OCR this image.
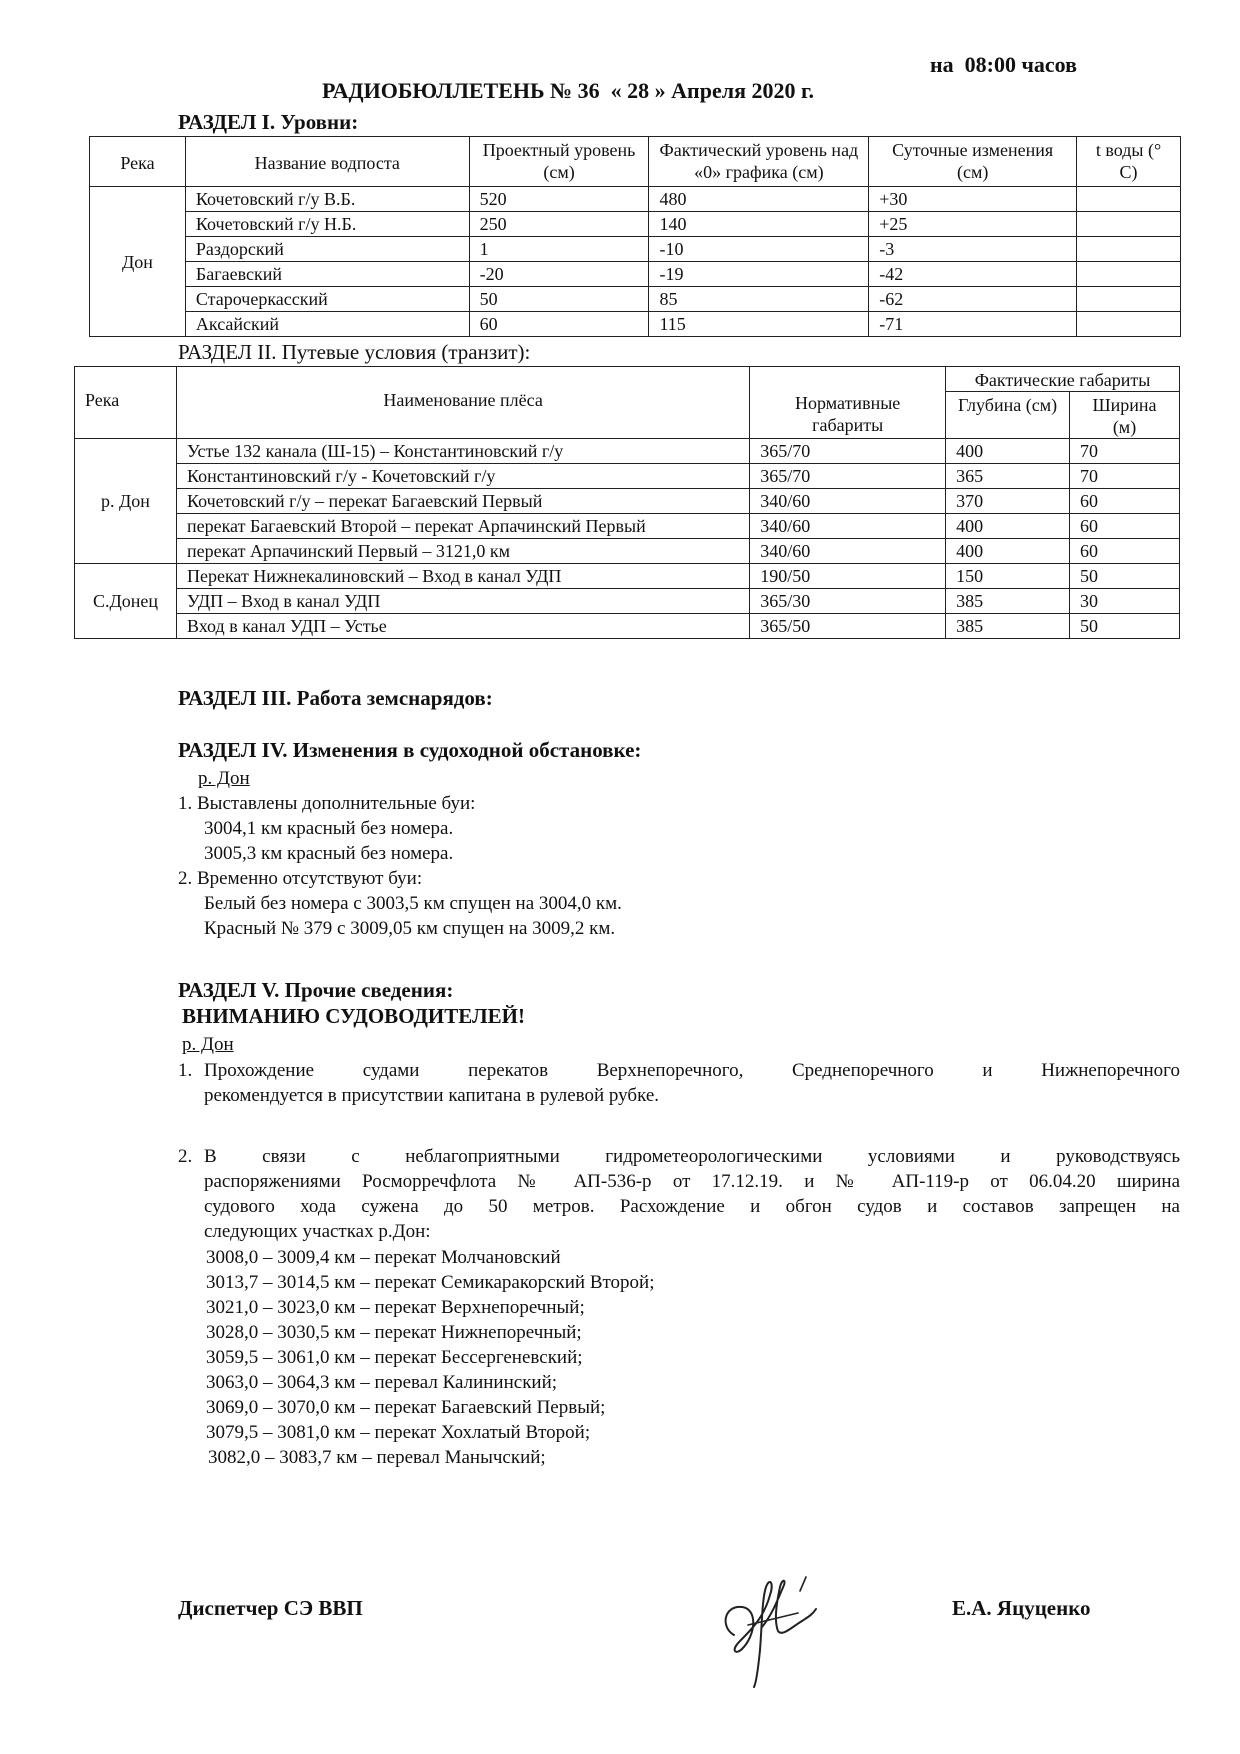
РАДИОБЮЛЛЕТЕНЬ № 36  « 28 » Апреля 2020 г.

на  08:00 часов

РАЗДЕЛ I. Уровни:
Река	Название водпоста	Проектный уровень (см)	Фактический уровень над «0» графика (см)	Суточные изменения (см)	t воды (° С)
Дон	Кочетовский г/у В.Б.	520	480	+30	
	Кочетовский г/у Н.Б.	250	140	+25	
	Раздорский	1	-10	-3	
	Багаевский	-20	-19	-42	
	Старочеркасский	50	85	-62	
	Аксайский	60	115	-71	
РАЗДЕЛ II. Путевые условия (транзит):
Река	Наименование плёса	Нормативные габариты	Фактические габариты	
			Глубина (см)	Ширина (м)
р. Дон	Устье 132 канала (Ш-15) – Константиновский г/у	365/70	400	70
	Константиновский г/у - Кочетовский г/у	365/70	365	70
	Кочетовский г/у – перекат Багаевский Первый	340/60	370	60
	перекат Багаевский Второй – перекат Арпачинский Первый	340/60	400	60
	перекат Арпачинский Первый – 3121,0 км	340/60	400	60
С.Донец	Перекат Нижнекалиновский – Вход в канал УДП	190/50	150	50
	УДП – Вход в канал УДП	365/30	385	30
	Вход в канал УДП – Устье	365/50	385	50
РАЗДЕЛ III. Работа земснарядов:
РАЗДЕЛ IV. Изменения в судоходной обстановке:
р. Дон
1. Выставлены дополнительные буи:
3004,1 км красный без номера.
3005,3 км красный без номера.
2. Временно отсутствуют буи:
Белый без номера с 3003,5 км спущен на 3004,0 км.
Красный № 379 с 3009,05 км спущен на 3009,2 км.
РАЗДЕЛ V. Прочие сведения:
ВНИМАНИЮ СУДОВОДИТЕЛЕЙ!
р. Дон
1. Прохождение судами перекатов Верхнепоречного, Среднепоречного и Нижнепоречного
рекомендуется в присутствии капитана в рулевой рубке.
2. В связи с неблагоприятными гидрометеорологическими условиями и руководствуясь
распоряжениями Росморречфлота № АП-536-р от 17.12.19. и № АП-119-р от 06.04.20 ширина
судового хода сужена до 50 метров. Расхождение и обгон судов и составов запрещен на
следующих участках р.Дон:
3008,0 – 3009,4 км – перекат Молчановский
3013,7 – 3014,5 км – перекат Семикаракорский Второй;
3021,0 – 3023,0 км – перекат Верхнепоречный;
3028,0 – 3030,5 км – перекат Нижнепоречный;
3059,5 – 3061,0 км – перекат Бессергеневский;
3063,0 – 3064,3 км – перевал Калининский;
3069,0 – 3070,0 км – перекат Багаевский Первый;
3079,5 – 3081,0 км – перекат Хохлатый Второй;
3082,0 – 3083,7 км – перевал Манычский;
Диспетчер СЭ ВВП	Е.А. Яцуценко
